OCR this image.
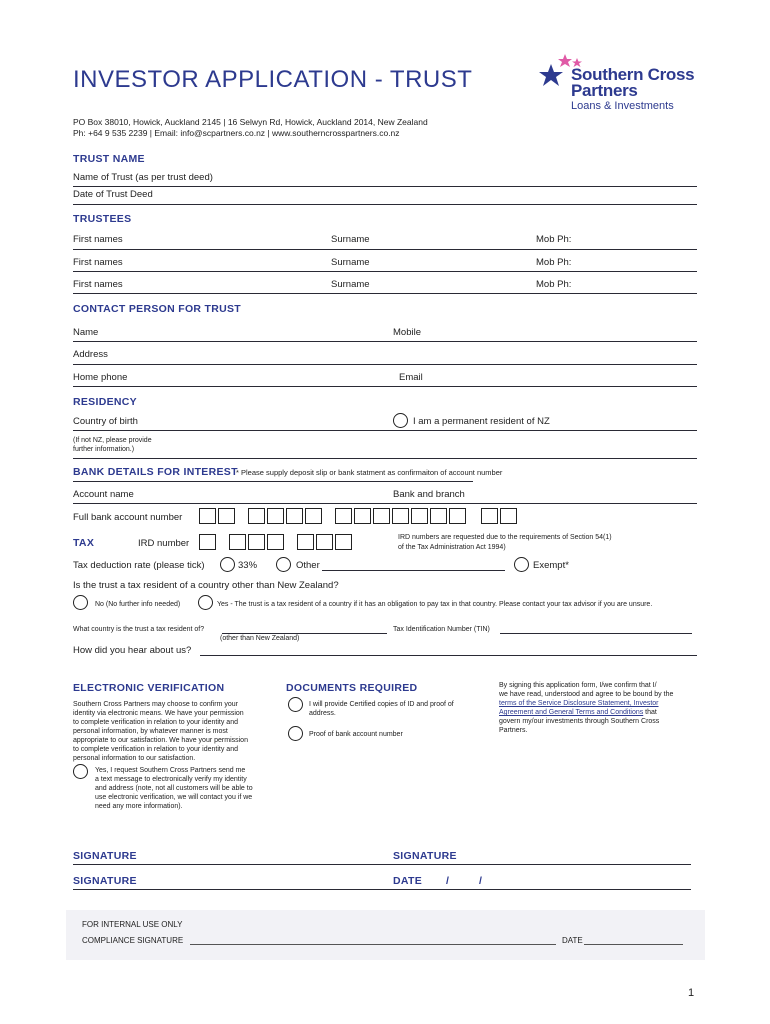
INVESTOR APPLICATION - TRUST
PO Box 38010, Howick, Auckland 2145 | 16 Selwyn Rd, Howick, Auckland 2014, New Zealand
Ph: +64 9 535 2239 | Email: info@scpartners.co.nz | www.southerncrosspartners.co.nz
Southern Cross
Partners
Loans & Investments
TRUST NAME
Name of Trust (as per trust deed)
Date of Trust Deed
TRUSTEES
First names	Surname	Mob Ph:
First names	Surname	Mob Ph:
First names	Surname	Mob Ph:
CONTACT PERSON FOR TRUST
Name	Mobile
Address
Home phone	Email
RESIDENCY
Country of birth	I am a permanent resident of NZ
(If not NZ, please provide
further information.)
BANK DETAILS FOR INTEREST
* Please supply deposit slip or bank statment as confirmaiton of account number
Account name	Bank and branch
Full bank account number
TAX	IRD number
IRD numbers are requested due to the requirements of Section 54(1)
of the Tax Administration Act 1994)
Tax deduction rate (please tick)	33%	Other	Exempt*
Is the trust a tax resident of a country other than New Zealand?
No (No further info needed)	Yes - The trust is a tax resident of a country if it has an obligation to pay tax in that country. Please contact your tax advisor if you are unsure.
What country is the trust a tax resident of?	Tax Identification Number (TIN)
(other than New Zealand)
How did you hear about us?
ELECTRONIC VERIFICATION
Southern Cross Partners may choose to confirm your
identity via electronic means. We have your permission
to complete verification in relation to your identity and
personal information, by whatever manner is most
appropriate to our satisfaction. We have your permission
to complete verification in relation to your identity and
personal information to our satisfaction.
Yes, I request Southern Cross Partners send me
a text message to electronically verify my identity
and address (note, not all customers will be able to
use electronic verification, we will contact you if we
need any more information).
DOCUMENTS REQUIRED
I will provide Certified copies of ID and proof of
address.
Proof of bank account number
By signing this application form, I/we confirm that I/
we have read, understood and agree to be bound by the
terms of the Service Disclosure Statement, Investor
Agreement and General Terms and Conditions that
govern my/our investments through Southern Cross
Partners.
SIGNATURE	SIGNATURE
SIGNATURE	DATE /	/
FOR INTERNAL USE ONLY
COMPLIANCE SIGNATURE	DATE
1
